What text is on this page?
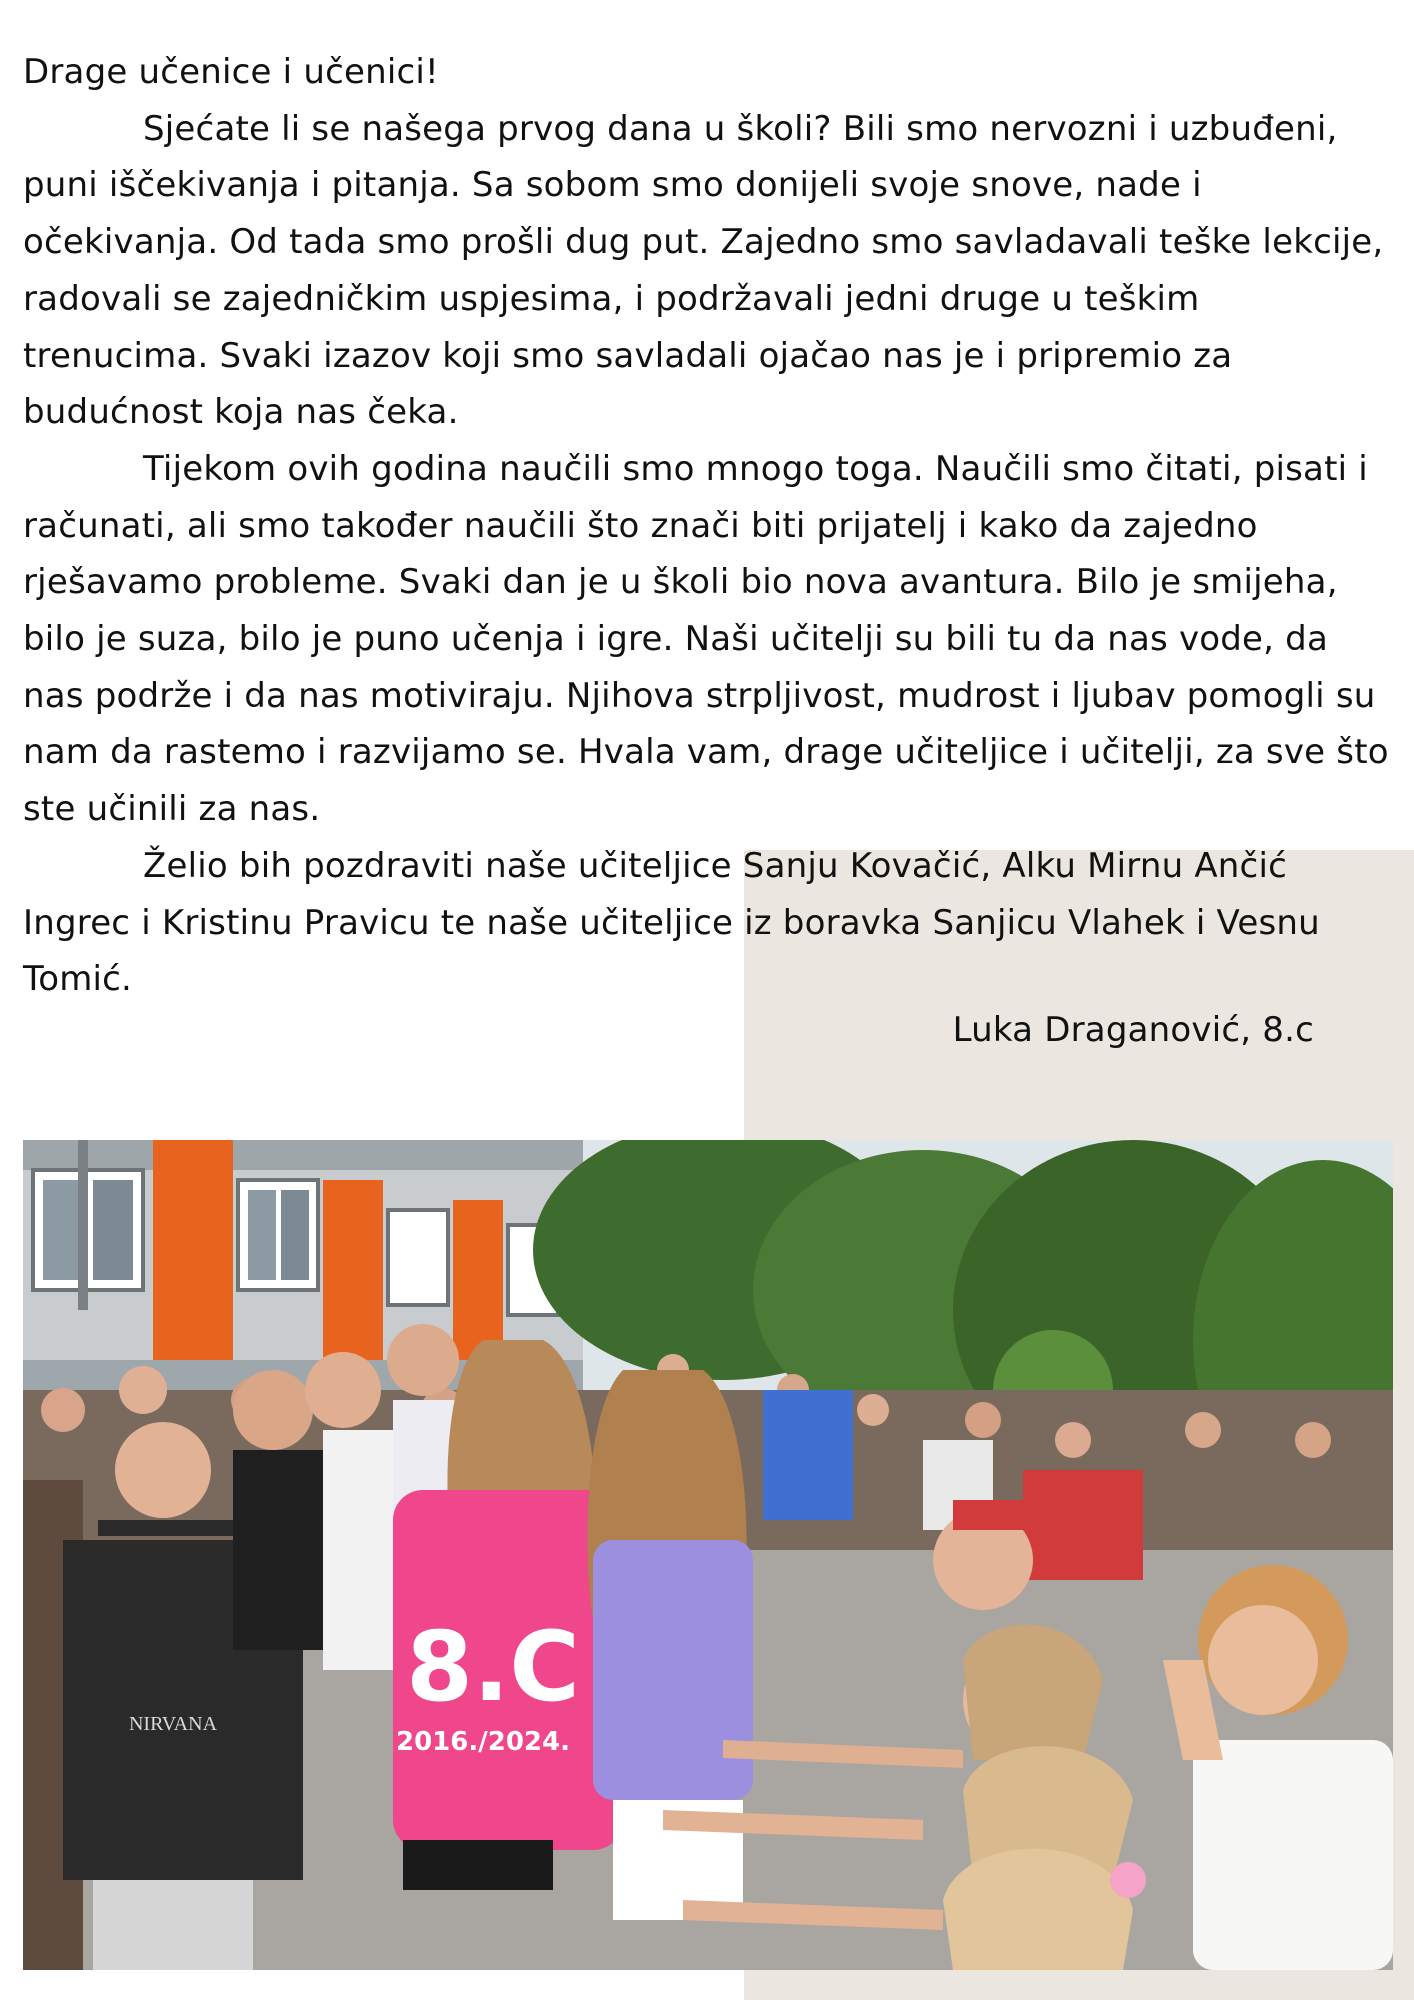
Drage učenice i učenici!

Sjećate li se našega prvog dana u školi? Bili smo nervozni i uzbuđeni, puni iščekivanja i pitanja. Sa sobom smo donijeli svoje snove, nade i očekivanja. Od tada smo prošli dug put. Zajedno smo savladavali teške lekcije, radovali se zajedničkim uspjesima, i podržavali jedni druge u teškim trenucima. Svaki izazov koji smo savladali ojačao nas je i pripremio za budućnost koja nas čeka.

Tijekom ovih godina naučili smo mnogo toga. Naučili smo čitati, pisati i računati, ali smo također naučili što znači biti prijatelj i kako da zajedno rješavamo probleme. Svaki dan je u školi bio nova avantura. Bilo je smijeha, bilo je suza, bilo je puno učenja i igre. Naši učitelji su bili tu da nas vode, da nas podrže i da nas motiviraju. Njihova strpljivost, mudrost i ljubav pomogli su nam da rastemo i razvijamo se. Hvala vam, drage učiteljice i učitelji, za sve što ste učinili za nas.

Želio bih pozdraviti naše učiteljice Sanju Kovačić, Alku Mirnu Ančić Ingrec i Kristinu Pravicu te naše učiteljice iz boravka Sanjicu Vlahek i Vesnu Tomić.

Luka Draganović, 8.c
NIRVANA
8.C
2016./2024.
